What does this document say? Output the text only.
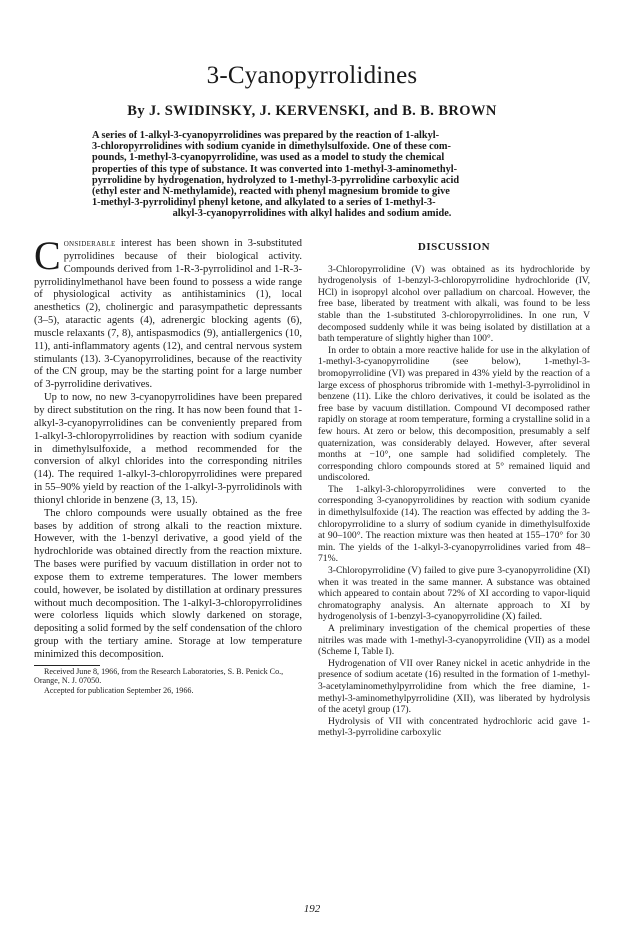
3-Cyanopyrrolidines
By J. SWIDINSKY, J. KERVENSKI, and B. B. BROWN
A series of 1-alkyl-3-cyanopyrrolidines was prepared by the reaction of 1-alkyl-
3-chloropyrrolidines with sodium cyanide in dimethylsulfoxide. One of these com-
pounds, 1-methyl-3-cyanopyrrolidine, was used as a model to study the chemical
properties of this type of substance. It was converted into 1-methyl-3-aminomethyl-
pyrrolidine by hydrogenation, hydrolyzed to 1-methyl-3-pyrrolidine carboxylic acid
(ethyl ester and N-methylamide), reacted with phenyl magnesium bromide to give
1-methyl-3-pyrrolidinyl phenyl ketone, and alkylated to a series of 1-methyl-3-
alkyl-3-cyanopyrrolidines with alkyl halides and sodium amide.

Considerable interest has been shown in 3-substituted pyrrolidines because of their biological activity. Compounds derived from 1-R-3-pyrrolidinol and 1-R-3-pyrrolidinylmethanol have been found to possess a wide range of physiological activity as antihistaminics (1), local anesthetics (2), cholinergic and parasympathetic depressants (3–5), ataractic agents (4), adrenergic blocking agents (6), muscle relaxants (7, 8), antispasmodics (9), antiallergenics (10, 11), anti-inflammatory agents (12), and central nervous system stimulants (13). 3-Cyanopyrrolidines, because of the reactivity of the CN group, may be the starting point for a large number of 3-pyrrolidine derivatives.

Up to now, no new 3-cyanopyrrolidines have been prepared by direct substitution on the ring. It has now been found that 1-alkyl-3-cyanopyrrolidines can be conveniently prepared from 1-alkyl-3-chloropyrrolidines by reaction with sodium cyanide in dimethylsulfoxide, a method recommended for the conversion of alkyl chlorides into the corresponding nitriles (14). The required 1-alkyl-3-chloropyrrolidines were prepared in 55–90% yield by reaction of the 1-alkyl-3-pyrrolidinols with thionyl chloride in benzene (3, 13, 15).

The chloro compounds were usually obtained as the free bases by addition of strong alkali to the reaction mixture. However, with the 1-benzyl derivative, a good yield of the hydrochloride was obtained directly from the reaction mixture. The bases were purified by vacuum distillation in order not to expose them to extreme temperatures. The lower members could, however, be isolated by distillation at ordinary pressures without much decomposition. The 1-alkyl-3-chloropyrrolidines were colorless liquids which slowly darkened on storage, depositing a solid formed by the self condensation of the chloro group with the tertiary amine. Storage at low temperature minimized this decomposition.

Received June 8, 1966, from the Research Laboratories, S. B. Penick Co., Orange, N. J. 07050.

Accepted for publication September 26, 1966.

DISCUSSION

3-Chloropyrrolidine (V) was obtained as its hydrochloride by hydrogenolysis of 1-benzyl-3-chloropyrrolidine hydrochloride (IV, HCl) in isopropyl alcohol over palladium on charcoal. However, the free base, liberated by treatment with alkali, was found to be less stable than the 1-substituted 3-chloropyrrolidines. In one run, V decomposed suddenly while it was being isolated by distillation at a bath temperature of slightly higher than 100°.

In order to obtain a more reactive halide for use in the alkylation of 1-methyl-3-cyanopyrrolidine (see below), 1-methyl-3-bromopyrrolidine (VI) was prepared in 43% yield by the reaction of a large excess of phosphorus tribromide with 1-methyl-3-pyrrolidinol in benzene (11). Like the chloro derivatives, it could be isolated as the free base by vacuum distillation. Compound VI decomposed rather rapidly on storage at room temperature, forming a crystalline solid in a few hours. At zero or below, this decomposition, presumably a self quaternization, was considerably delayed. However, after several months at −10°, one sample had solidified completely. The corresponding chloro compounds stored at 5° remained liquid and undiscolored.

The 1-alkyl-3-chloropyrrolidines were converted to the corresponding 3-cyanopyrrolidines by reaction with sodium cyanide in dimethylsulfoxide (14). The reaction was effected by adding the 3-chloropyrrolidine to a slurry of sodium cyanide in dimethylsulfoxide at 90–100°. The reaction mixture was then heated at 155–170° for 30 min. The yields of the 1-alkyl-3-cyanopyrrolidines varied from 48–71%.

3-Chloropyrrolidine (V) failed to give pure 3-cyanopyrrolidine (XI) when it was treated in the same manner. A substance was obtained which appeared to contain about 72% of XI according to vapor-liquid chromatography analysis. An alternate approach to XI by hydrogenolysis of 1-benzyl-3-cyanopyrrolidine (X) failed.

A preliminary investigation of the chemical properties of these nitriles was made with 1-methyl-3-cyanopyrrolidine (VII) as a model (Scheme I, Table I).

Hydrogenation of VII over Raney nickel in acetic anhydride in the presence of sodium acetate (16) resulted in the formation of 1-methyl-3-acetylaminomethylpyrrolidine from which the free diamine, 1-methyl-3-aminomethylpyrrolidine (XII), was liberated by hydrolysis of the acetyl group (17).

Hydrolysis of VII with concentrated hydrochloric acid gave 1-methyl-3-pyrrolidine carboxylic

192
